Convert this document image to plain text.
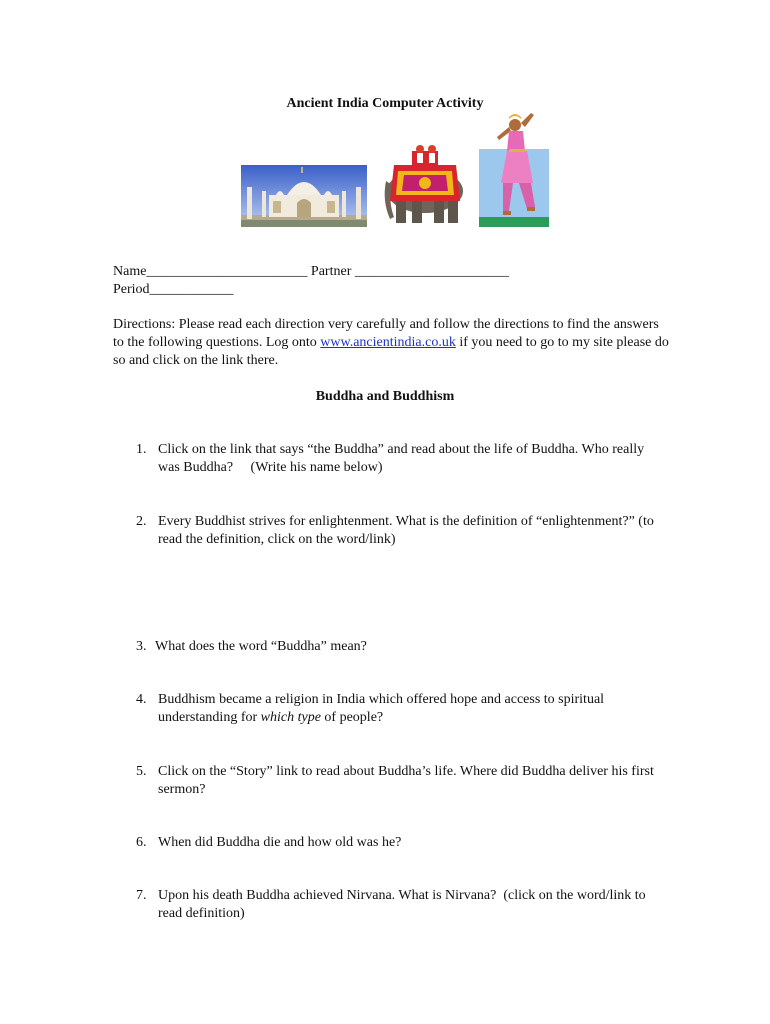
Ancient India Computer Activity
Name_______________________ Partner ______________________
Period____________
Directions: Please read each direction very carefully and follow the directions to find the answers to the following questions. Log onto www.ancientindia.co.uk if you need to go to my site please do so and click on the link there.
Buddha and Buddhism
1. Click on the link that says “the Buddha” and read about the life of Buddha. Who really was Buddha?     (Write his name below)
2. Every Buddhist strives for enlightenment. What is the definition of “enlightenment?” (to read the definition, click on the word/link)
3. What does the word “Buddha” mean?
4. Buddhism became a religion in India which offered hope and access to spiritual understanding for which type of people?
5. Click on the “Story” link to read about Buddha’s life. Where did Buddha deliver his first sermon?
6. When did Buddha die and how old was he?
7. Upon his death Buddha achieved Nirvana. What is Nirvana?  (click on the word/link to read definition)
